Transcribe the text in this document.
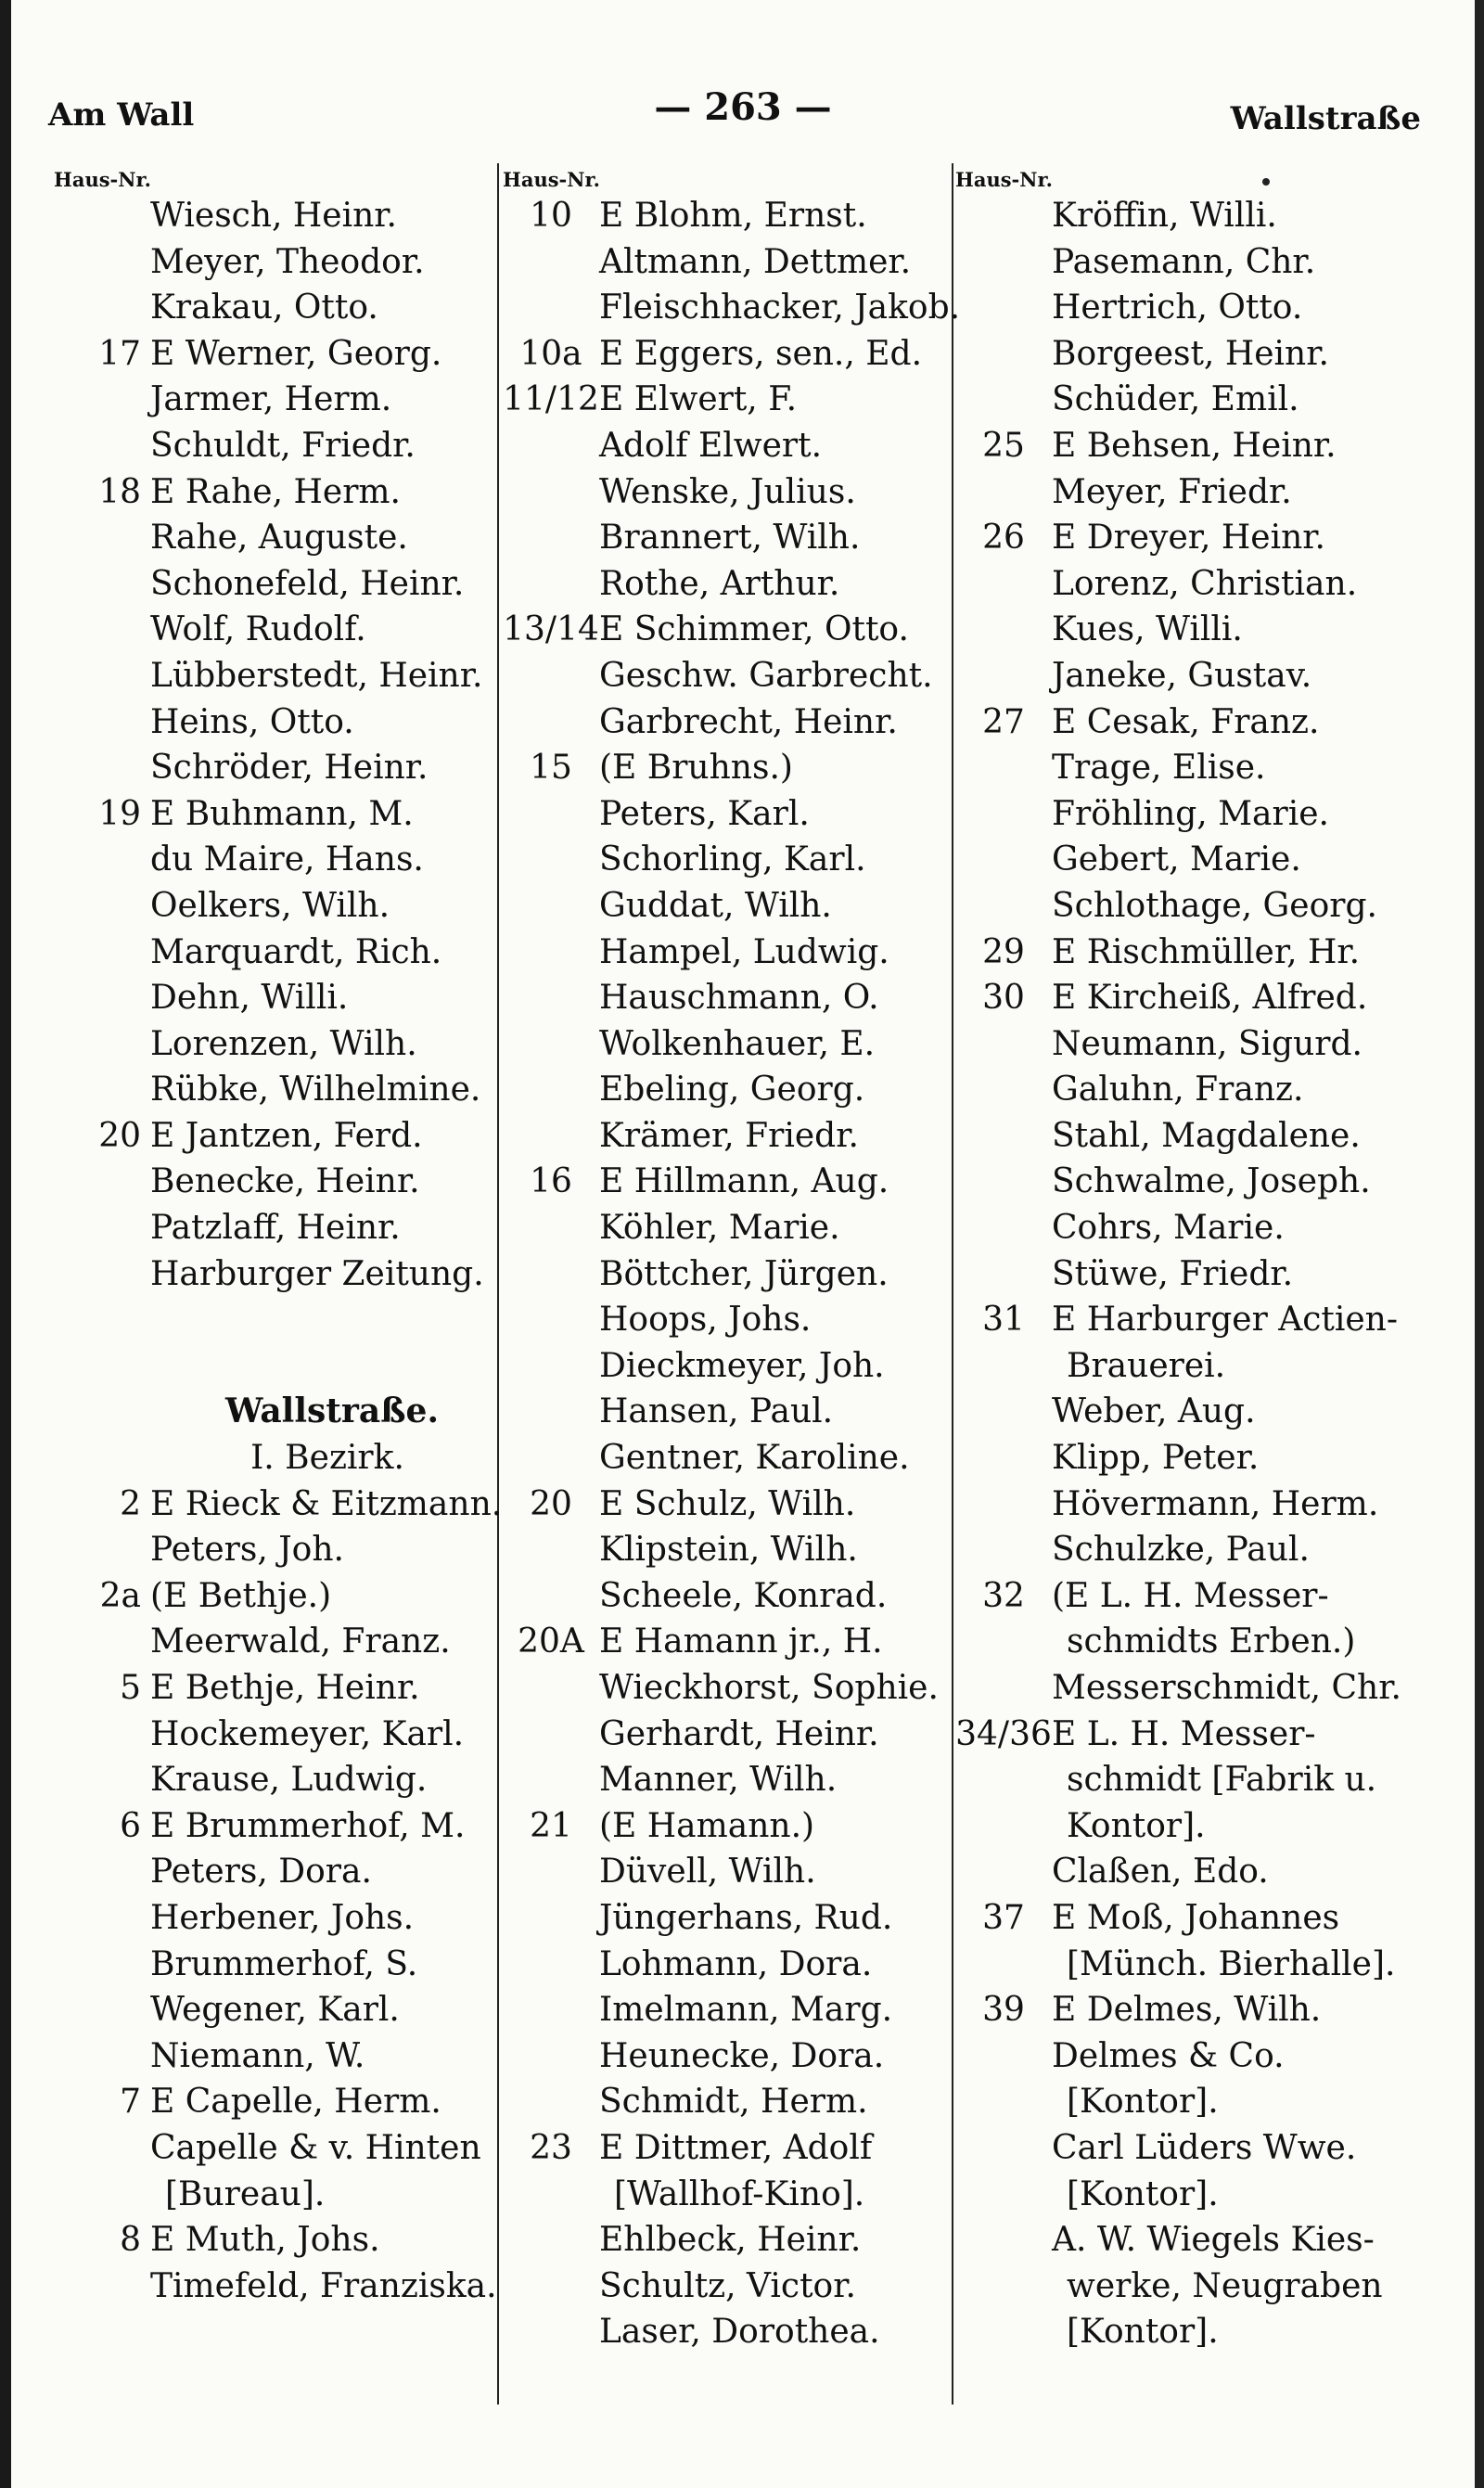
Am Wall	— 263 —	Wallstraße
Haus-Nr.
Wiesch, Heinr.
Meyer, Theodor.
Krakau, Otto.
17 E Werner, Georg.
Jarmer, Herm.
Schuldt, Friedr.
18 E Rahe, Herm.
Rahe, Auguste.
Schonefeld, Heinr.
Wolf, Rudolf.
Lübberstedt, Heinr.
Heins, Otto.
Schröder, Heinr.
19 E Buhmann, M.
du Maire, Hans.
Oelkers, Wilh.
Marquardt, Rich.
Dehn, Willi.
Lorenzen, Wilh.
Rübke, Wilhelmine.
20 E Jantzen, Ferd.
Benecke, Heinr.
Patzlaff, Heinr.
Harburger Zeitung.
Wallstraße.
I. Bezirk.
2 E Rieck & Eitzmann.
Peters, Joh.
2a (E Bethje.)
Meerwald, Franz.
5 E Bethje, Heinr.
Hockemeyer, Karl.
Krause, Ludwig.
6 E Brummerhof, M.
Peters, Dora.
Herbener, Johs.
Brummerhof, S.
Wegener, Karl.
Niemann, W.
7 E Capelle, Herm.
Capelle & v. Hinten
[Bureau].
8 E Muth, Johs.
Timefeld, Franziska.
Haus-Nr.
10 E Blohm, Ernst.
Altmann, Dettmer.
Fleischhacker, Jakob.
10a E Eggers, sen., Ed.
11/12 E Elwert, F.
Adolf Elwert.
Wenske, Julius.
Brannert, Wilh.
Rothe, Arthur.
13/14 E Schimmer, Otto.
Geschw. Garbrecht.
Garbrecht, Heinr.
15 (E Bruhns.)
Peters, Karl.
Schorling, Karl.
Guddat, Wilh.
Hampel, Ludwig.
Hauschmann, O.
Wolkenhauer, E.
Ebeling, Georg.
Krämer, Friedr.
16 E Hillmann, Aug.
Köhler, Marie.
Böttcher, Jürgen.
Hoops, Johs.
Dieckmeyer, Joh.
Hansen, Paul.
Gentner, Karoline.
20 E Schulz, Wilh.
Klipstein, Wilh.
Scheele, Konrad.
20A E Hamann jr., H.
Wieckhorst, Sophie.
Gerhardt, Heinr.
Manner, Wilh.
21 (E Hamann.)
Düvell, Wilh.
Jüngerhans, Rud.
Lohmann, Dora.
Imelmann, Marg.
Heunecke, Dora.
Schmidt, Herm.
23 E Dittmer, Adolf
[Wallhof-Kino].
Ehlbeck, Heinr.
Schultz, Victor.
Laser, Dorothea.
Haus-Nr.
Kröffin, Willi.
Pasemann, Chr.
Hertrich, Otto.
Borgeest, Heinr.
Schüder, Emil.
25 E Behsen, Heinr.
Meyer, Friedr.
26 E Dreyer, Heinr.
Lorenz, Christian.
Kues, Willi.
Janeke, Gustav.
27 E Cesak, Franz.
Trage, Elise.
Fröhling, Marie.
Gebert, Marie.
Schlothage, Georg.
29 E Rischmüller, Hr.
30 E Kircheiß, Alfred.
Neumann, Sigurd.
Galuhn, Franz.
Stahl, Magdalene.
Schwalme, Joseph.
Cohrs, Marie.
Stüwe, Friedr.
31 E Harburger Actien-
Brauerei.
Weber, Aug.
Klipp, Peter.
Hövermann, Herm.
Schulzke, Paul.
32 (E L. H. Messer-
schmidts Erben.)
Messerschmidt, Chr.
34/36 E L. H. Messer-
schmidt [Fabrik u.
Kontor].
Claßen, Edo.
37 E Moß, Johannes
[Münch. Bierhalle].
39 E Delmes, Wilh.
Delmes & Co.
[Kontor].
Carl Lüders Wwe.
[Kontor].
A. W. Wiegels Kies-
werke, Neugraben
[Kontor].
